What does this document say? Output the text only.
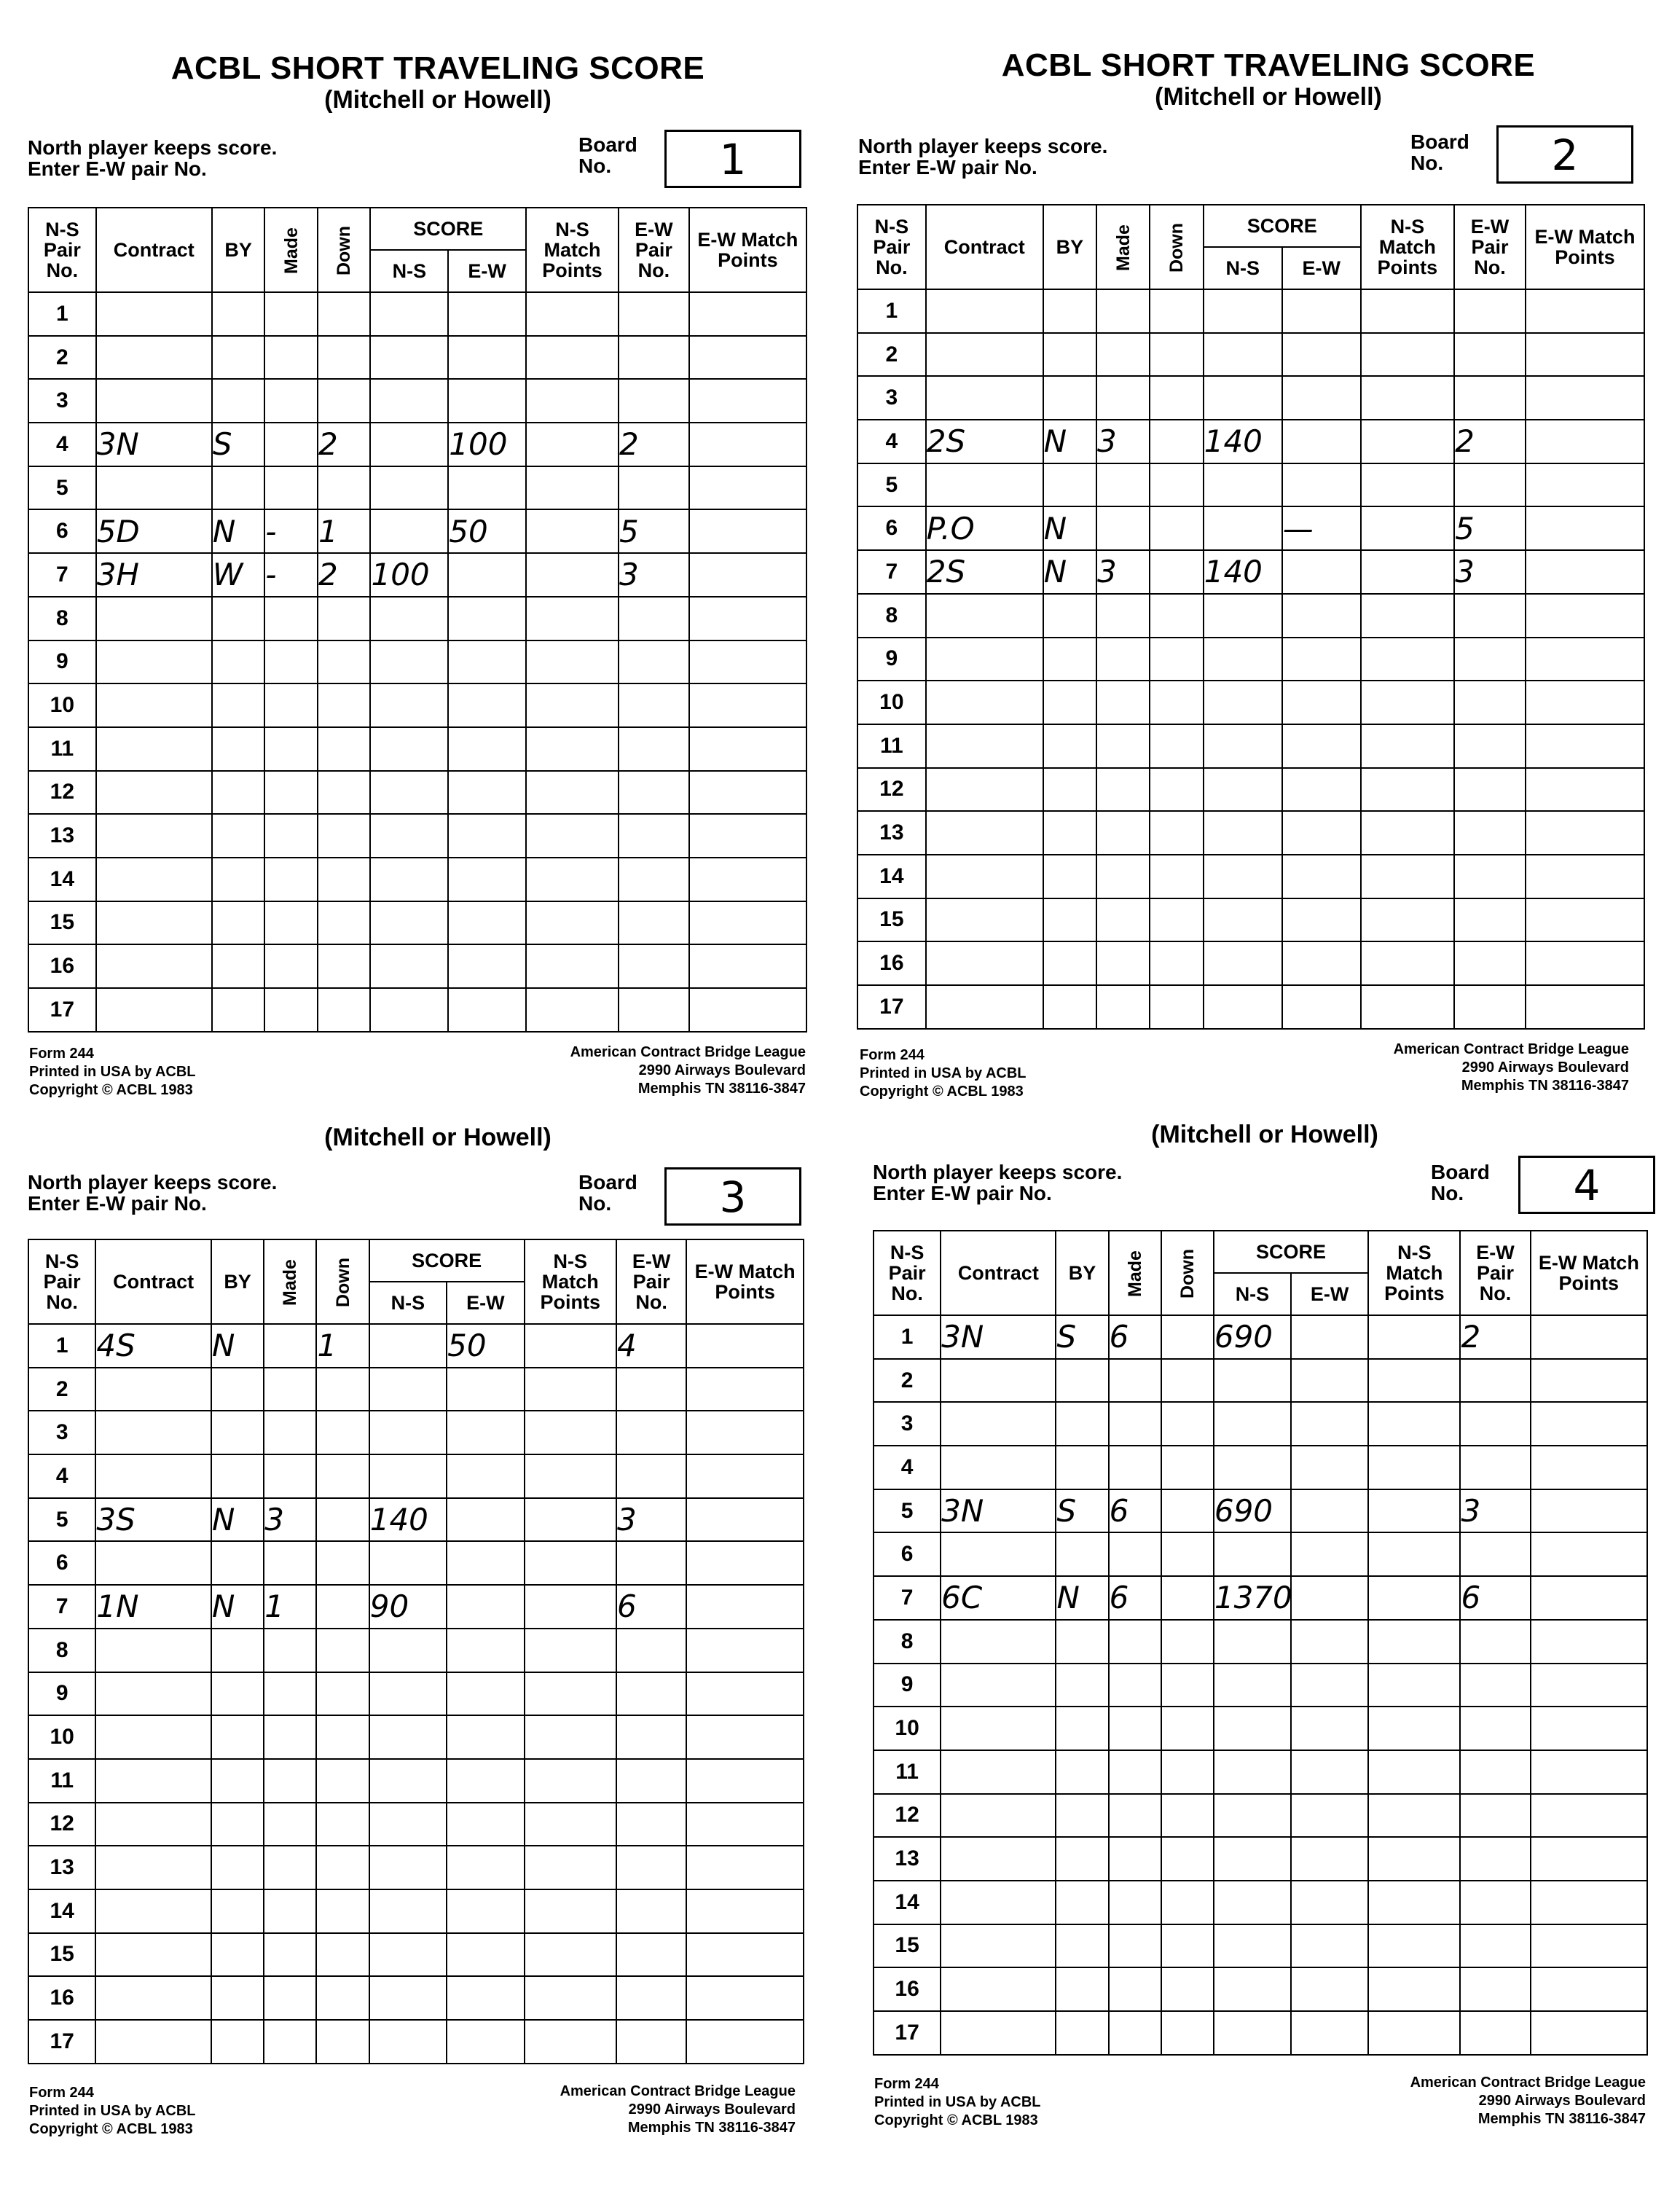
ACBL SHORT TRAVELING SCORE
(Mitchell or Howell)
North player keeps score.
Enter E-W pair No.
Board
No.	1
N-S Pair No.	Contract	BY	Made	Down	SCORE		N-S Match Points	E-W Pair No.	E-W Match Points
					N-S	E-W			
1									
2									
3									
4	3N	S		2		100		2	
5									
6	5D	N	-	1		50		5	
7	3H	W	-	2	100			3	
8									
9									
10									
11									
12									
13									
14									
15									
16									
17									
Form 244
Printed in USA by ACBL
Copyright © ACBL 1983
American Contract Bridge League
2990 Airways Boulevard
Memphis TN 38116-3847
ACBL SHORT TRAVELING SCORE
(Mitchell or Howell)
North player keeps score.
Enter E-W pair No.
Board
No.	2
N-S Pair No.	Contract	BY	Made	Down	SCORE		N-S Match Points	E-W Pair No.	E-W Match Points
					N-S	E-W			
1									
2									
3									
4	2S	N	3		140			2	
5									
6	P.O	N				—		5	
7	2S	N	3		140			3	
8									
9									
10									
11									
12									
13									
14									
15									
16									
17									
Form 244
Printed in USA by ACBL
Copyright © ACBL 1983
American Contract Bridge League
2990 Airways Boulevard
Memphis TN 38116-3847
(Mitchell or Howell)
North player keeps score.
Enter E-W pair No.
Board
No.	3
N-S Pair No.	Contract	BY	Made	Down	SCORE		N-S Match Points	E-W Pair No.	E-W Match Points
					N-S	E-W			
1	4S	N		1		50		4	
2									
3									
4									
5	3S	N	3		140			3	
6									
7	1N	N	1		90			6	
8									
9									
10									
11									
12									
13									
14									
15									
16									
17									
Form 244
Printed in USA by ACBL
Copyright © ACBL 1983
American Contract Bridge League
2990 Airways Boulevard
Memphis TN 38116-3847
(Mitchell or Howell)
North player keeps score.
Enter E-W pair No.
Board
No.	4
N-S Pair No.	Contract	BY	Made	Down	SCORE		N-S Match Points	E-W Pair No.	E-W Match Points
					N-S	E-W			
1	3N	S	6		690			2	
2									
3									
4									
5	3N	S	6		690			3	
6									
7	6C	N	6		1370			6	
8									
9									
10									
11									
12									
13									
14									
15									
16									
17									
Form 244
Printed in USA by ACBL
Copyright © ACBL 1983
American Contract Bridge League
2990 Airways Boulevard
Memphis TN 38116-3847
